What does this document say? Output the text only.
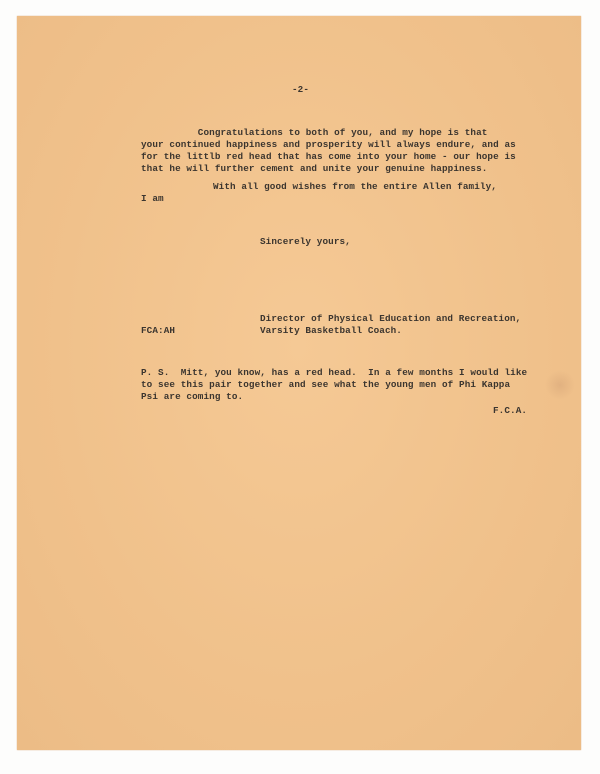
-2-
Congratulations to both of you, and my hope is that
your continued happiness and prosperity will always endure, and as
for the littlb red head that has come into your home - our hope is
that he will further cement and unite your genuine happiness.
With all good wishes from the entire Allen family,
I am
Sincerely yours,
Director of Physical Education and Recreation,
Varsity Basketball Coach.
FCA:AH
P. S.  Mitt, you know, has a red head.  In a few months I would like
to see this pair together and see what the young men of Phi Kappa
Psi are coming to.
F.C.A.
